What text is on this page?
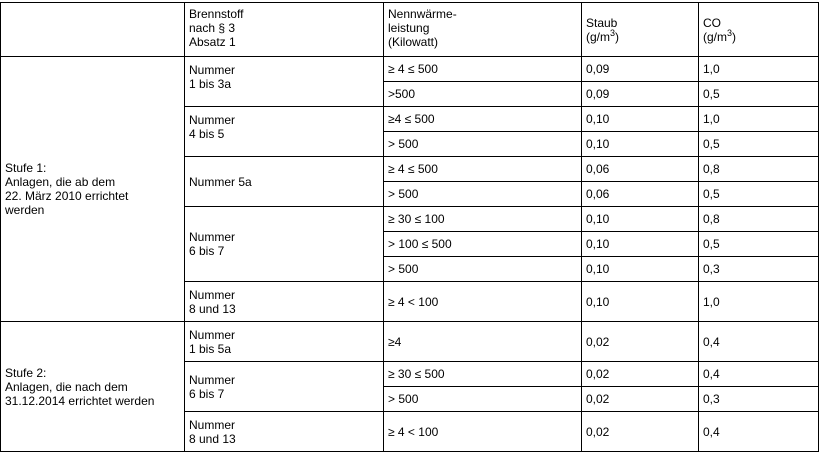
	Brennstoff
nach § 3
Absatz 1	Nennwärme-
leistung
(Kilowatt)	Staub
$(g/m^3)$	CO
$(g/m^3)$
Stufe 1:
Anlagen, die ab dem
22. März 2010 errichtet
werden	Nummer
1 bis 3a	≥ 4 ≤ 500	0,09	1,0
		>500	0,09	0,5
	Nummer
4 bis 5	≥4 ≤ 500	0,10	1,0
		> 500	0,10	0,5
	Nummer 5a	≥ 4 ≤ 500	0,06	0,8
		> 500	0,06	0,5
	Nummer
6 bis 7	≥ 30 ≤ 100	0,10	0,8
		> 100 ≤ 500	0,10	0,5
		> 500	0,10	0,3
	Nummer
8 und 13	≥ 4 < 100	0,10	1,0

Stufe 2:
Anlagen, die nach dem
31.12.2014 errichtet werden	Nummer
1 bis 5a	≥4	0,02	0,4
	Nummer
6 bis 7	≥ 30 ≤ 500	0,02	0,4
		> 500	0,02	0,3
	Nummer
8 und 13	≥ 4 < 100	0,02	0,4
